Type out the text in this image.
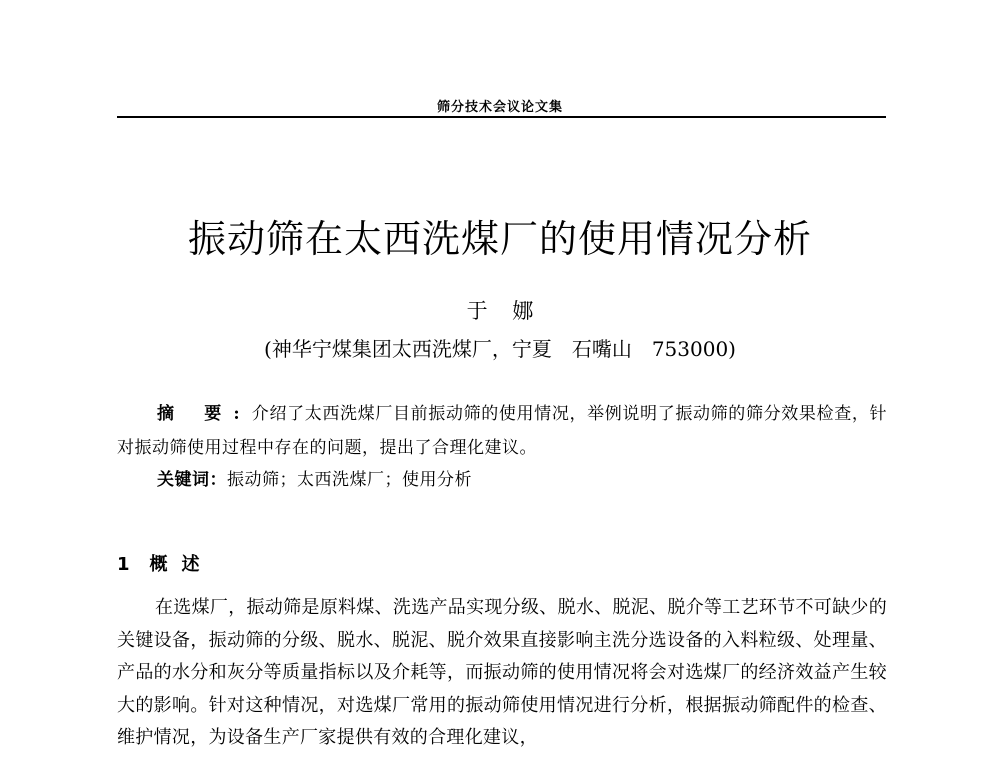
筛分技术会议论文集
振动筛在太西洗煤厂的使用情况分析
于 娜
(神华宁煤集团太西洗煤厂，宁夏　石嘴山　753000)
摘 要:介绍了太西洗煤厂目前振动筛的使用情况，举例说明了振动筛的筛分效果检查，针对振动筛使用过程中存在的问题，提出了合理化建议。
关键词：振动筛；太西洗煤厂；使用分析
1 概述

在选煤厂，振动筛是原料煤、洗选产品实现分级、脱水、脱泥、脱介等工艺环节不可缺少的关键设备，振动筛的分级、脱水、脱泥、脱介效果直接影响主洗分选设备的入料粒级、处理量、产品的水分和灰分等质量指标以及介耗等，而振动筛的使用情况将会对选煤厂的经济效益产生较大的影响。针对这种情况，对选煤厂常用的振动筛使用情况进行分析，根据振动筛配件的检查、维护情况，为设备生产厂家提供有效的合理化建议，
